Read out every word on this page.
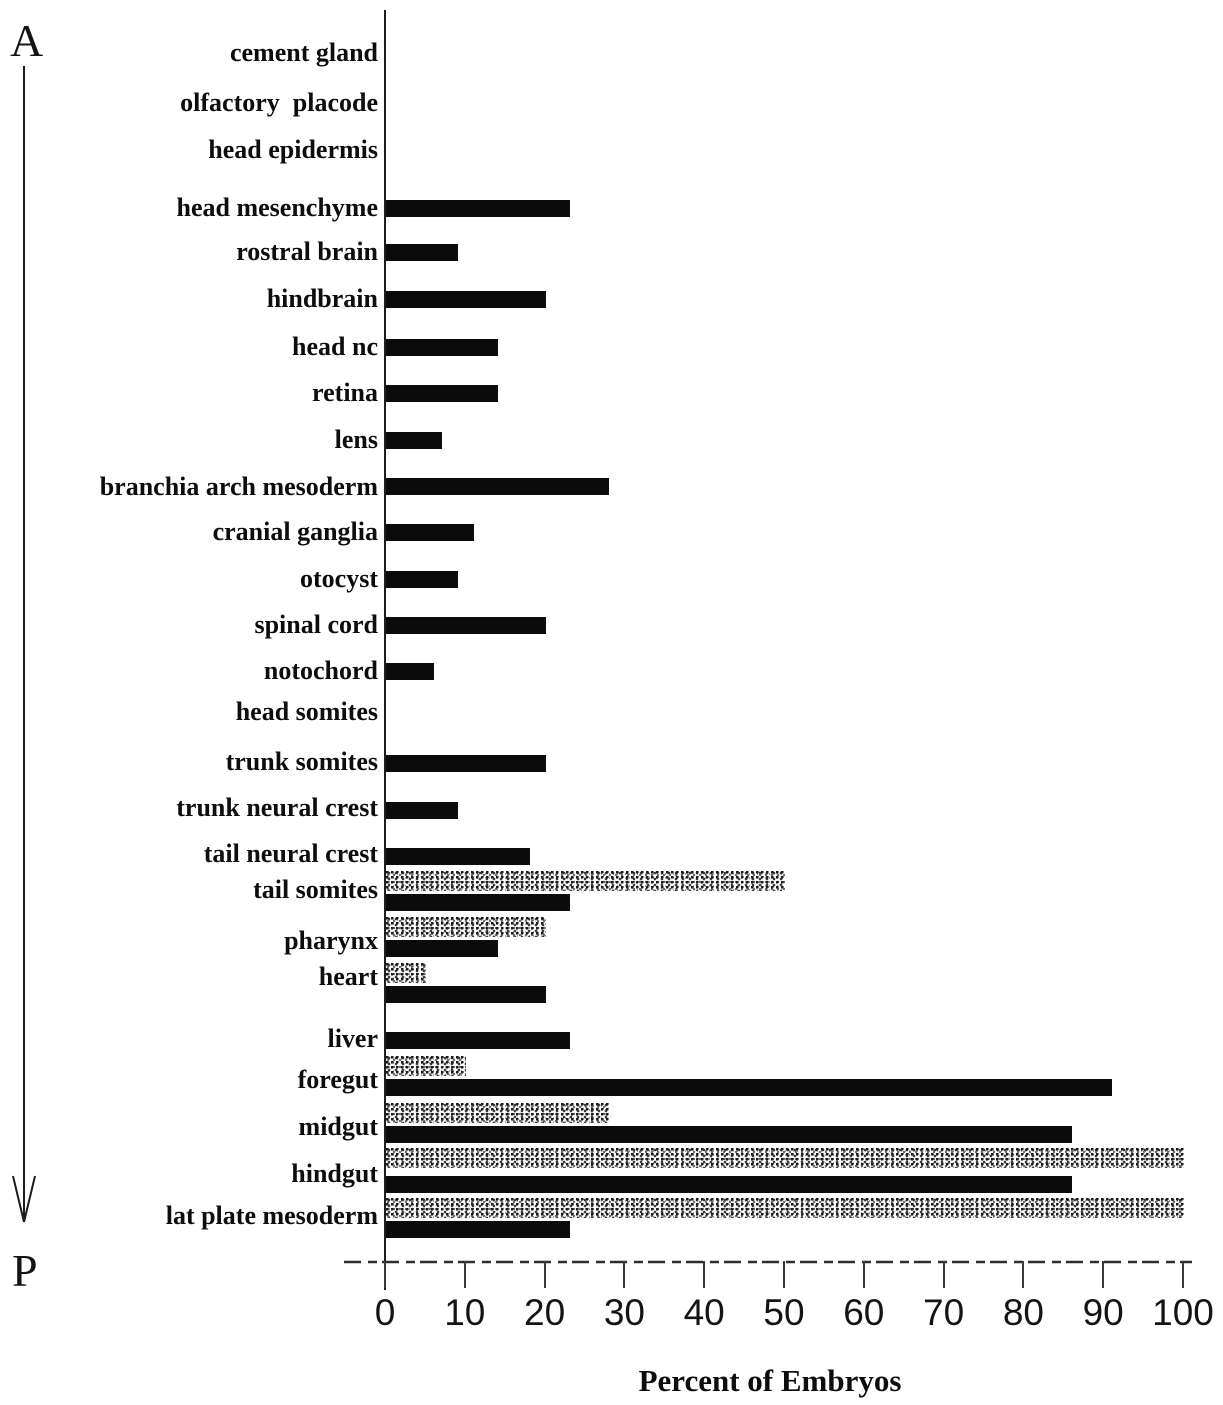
A
P
cement gland
olfactory  placode
head epidermis
head mesenchyme
rostral brain
hindbrain
head nc
retina
lens
branchia arch mesoderm
cranial ganglia
otocyst
spinal cord
notochord
head somites
trunk somites
trunk neural crest
tail neural crest
tail somites
pharynx
heart
liver
foregut
midgut
hindgut
lat plate mesoderm
0	10	20	30	40	50	60	70	80	90 100
Percent of Embryos
